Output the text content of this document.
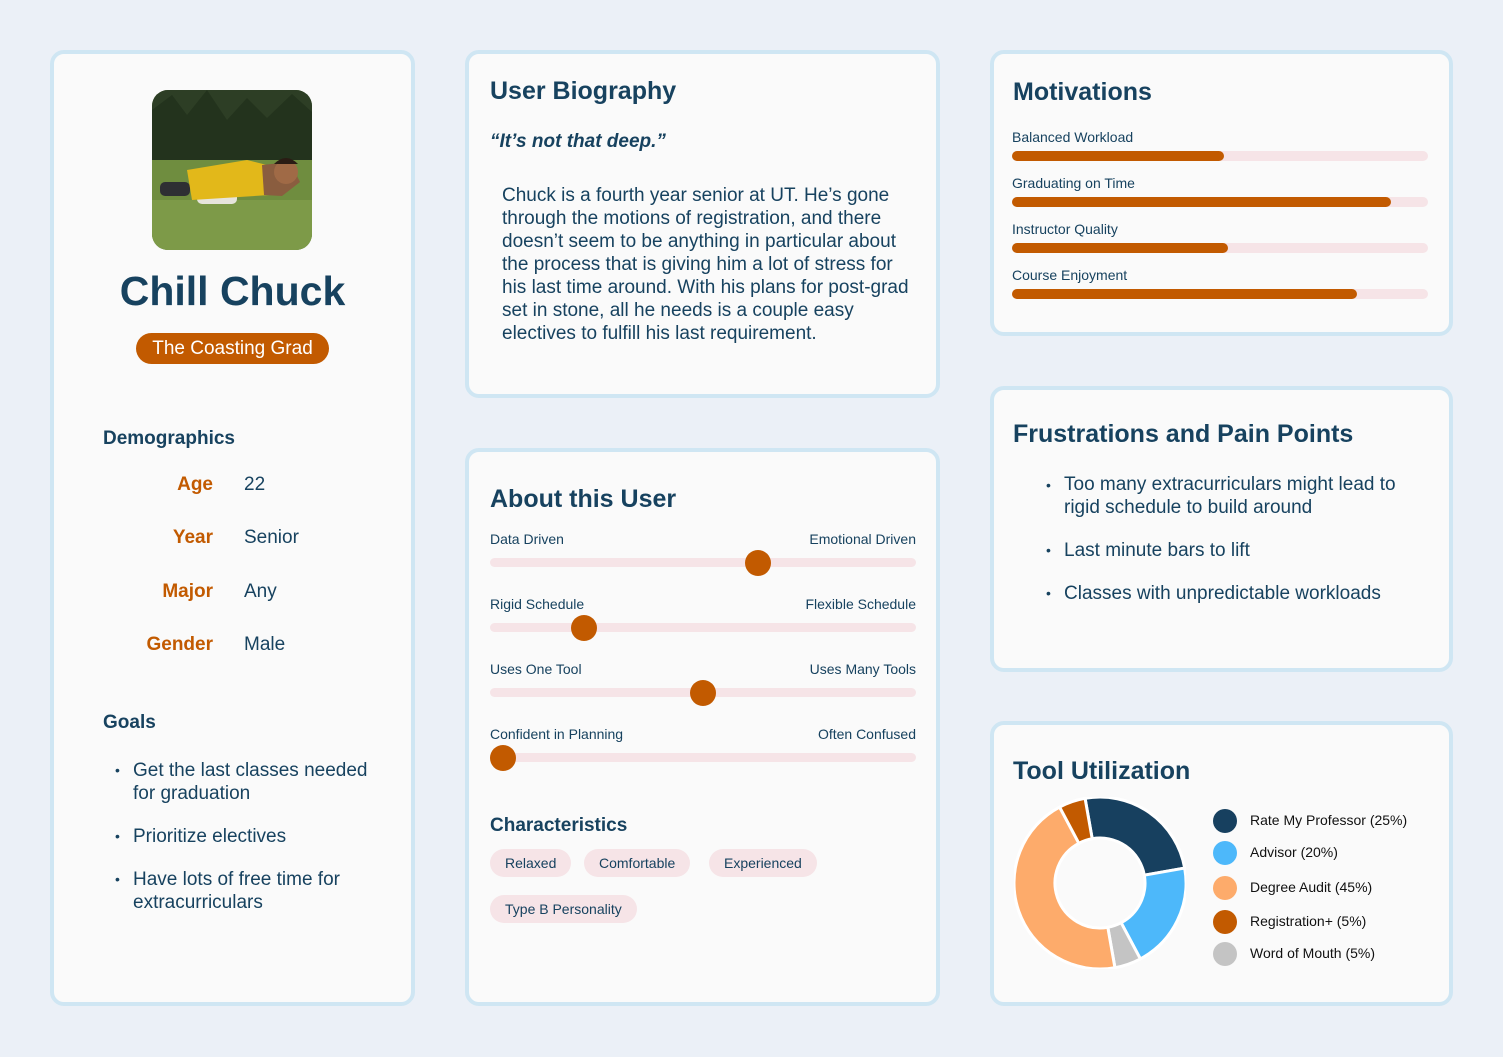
Chill Chuck
The Coasting Grad
Demographics
Age 22
Year Senior
Major Any
Gender Male
Goals
• Get the last classes needed for graduation
• Prioritize electives
• Have lots of free time for extracurriculars
User Biography
“It’s not that deep.”
Chuck is a fourth year senior at UT. He’s gone through the motions of registration, and there doesn’t seem to be anything in particular about the process that is giving him a lot of stress for his last time around. With his plans for post-grad set in stone, all he needs is a couple easy electives to fulfill his last requirement.
About this User
Data Driven	Emotional Driven
Rigid Schedule	Flexible Schedule
Uses One Tool	Uses Many Tools
Confident in Planning	Often Confused
Characteristics
Relaxed	Comfortable	Experienced
Type B Personality
Motivations
Balanced Workload
Graduating on Time
Instructor Quality
Course Enjoyment
Frustrations and Pain Points
• Too many extracurriculars might lead to rigid schedule to build around
• Last minute bars to lift
• Classes with unpredictable workloads
Tool Utilization
Rate My Professor (25%)
Advisor (20%)
Degree Audit (45%)
Registration+ (5%)
Word of Mouth (5%)
